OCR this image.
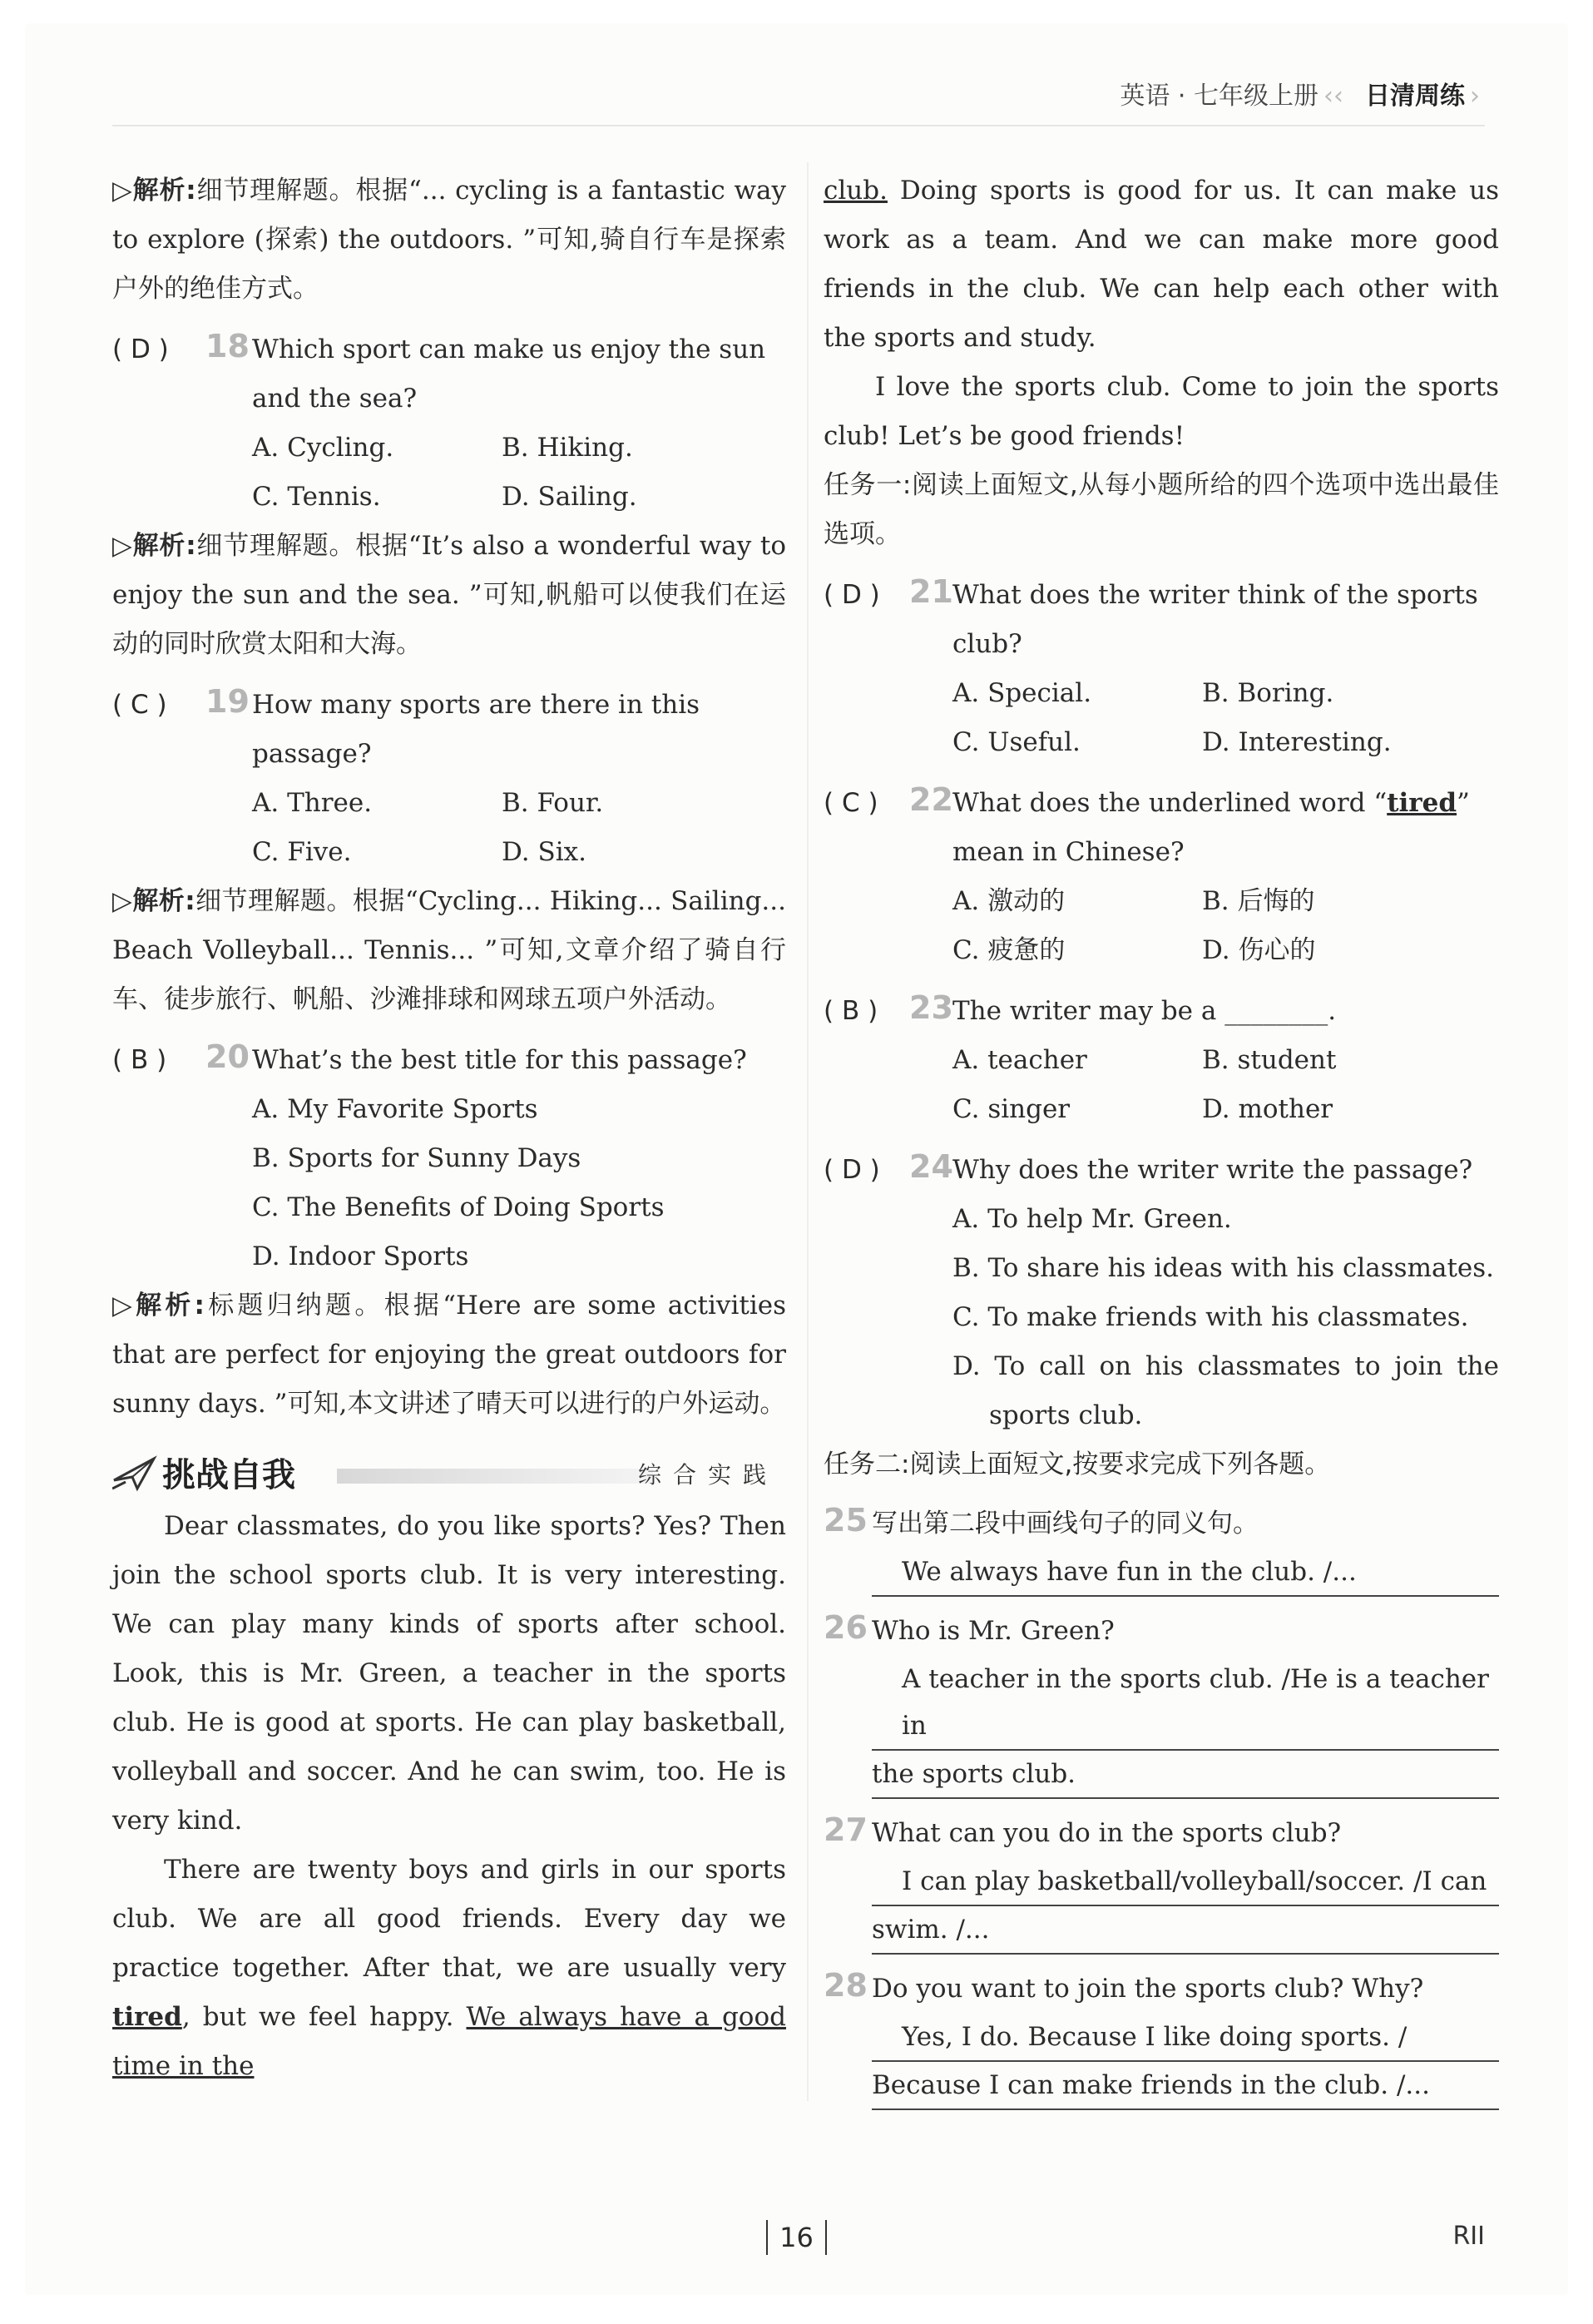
英语 · 七年级上册 ‹‹ 日清周练 ›

▷解析:细节理解题。根据“... cycling is a fantastic way to explore (探索) the outdoors. ”可知,骑自行车是探索户外的绝佳方式。

( D )	18 Which sport can make us enjoy the sun and the sea?
A. Cycling.	B. Hiking.
C. Tennis.	D. Sailing.

▷解析:细节理解题。根据“It’s also a wonderful way to enjoy the sun and the sea. ”可知,帆船可以使我们在运动的同时欣赏太阳和大海。

( C )	19 How many sports are there in this passage?
A. Three.	B. Four.
C. Five.	D. Six.

▷解析:细节理解题。根据“Cycling... Hiking... Sailing... Beach Volleyball... Tennis... ”可知,文章介绍了骑自行车、徒步旅行、帆船、沙滩排球和网球五项户外活动。

( B )	20 What’s the best title for this passage?
A. My Favorite Sports
B. Sports for Sunny Days
C. The Benefits of Doing Sports
D. Indoor Sports

▷解析:标题归纳题。根据“Here are some activities that are perfect for enjoying the great outdoors for sunny days. ”可知,本文讲述了晴天可以进行的户外运动。

挑战自我	综合实践

Dear classmates, do you like sports? Yes? Then join the school sports club. It is very interesting. We can play many kinds of sports after school. Look, this is Mr. Green, a teacher in the sports club. He is good at sports. He can play basketball, volleyball and soccer. And he can swim, too. He is very kind.

There are twenty boys and girls in our sports club. We are all good friends. Every day we practice together. After that, we are usually very tired, but we feel happy. We always have a good time in the

club. Doing sports is good for us. It can make us work as a team. And we can make more good friends in the club. We can help each other with the sports and study.

I love the sports club. Come to join the sports club! Let’s be good friends!

任务一:阅读上面短文,从每小题所给的四个选项中选出最佳选项。

( D ) 21 What does the writer think of the sports club?
A. Special.	B. Boring.
C. Useful.	D. Interesting.
( C ) 22 What does the underlined word “tired” mean in Chinese?
A. 激动的	B. 后悔的
C. 疲惫的	D. 伤心的
( B ) 23 The writer may be a ________.
A. teacher	B. student
C. singer	D. mother
( D ) 24 Why does the writer write the passage?
A. To help Mr. Green.
B. To share his ideas with his classmates.
C. To make friends with his classmates.
D. To call on his classmates to join the sports club.

任务二:阅读上面短文,按要求完成下列各题。

25 写出第二段中画线句子的同义句。
We always have fun in the club. /...
26 Who is Mr. Green?
A teacher in the sports club. /He is a teacher in
the sports club.
27 What can you do in the sports club?
I can play basketball/volleyball/soccer. /I can
swim. /...
28 Do you want to join the sports club? Why?
Yes, I do. Because I like doing sports. /
Because I can make friends in the club. /...
16	RII
